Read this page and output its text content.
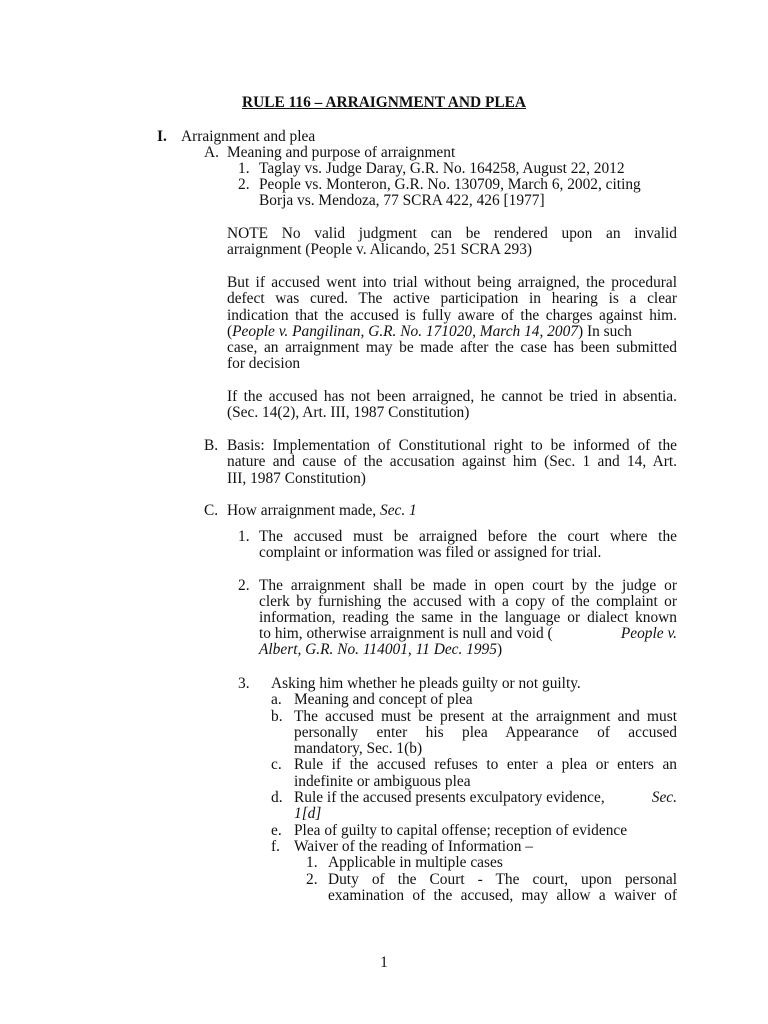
RULE 116 – ARRAIGNMENT AND PLEA
I. Arraignment and plea
A. Meaning and purpose of arraignment
1. Taglay vs. Judge Daray, G.R. No. 164258, August 22, 2012
2. People vs. Monteron, G.R. No. 130709, March 6, 2002, citing
Borja vs. Mendoza, 77 SCRA 422, 426 [1977]
NOTE No valid judgment can be rendered upon an invalid
arraignment (People v. Alicando, 251 SCRA 293)
But if accused went into trial without being arraigned, the procedural
defect was cured. The active participation in hearing is a clear
indication that the accused is fully aware of the charges against him.
(People v. Pangilinan, G.R. No. 171020, March 14, 2007) In such
case, an arraignment may be made after the case has been submitted
for decision
If the accused has not been arraigned, he cannot be tried in absentia.
(Sec. 14(2), Art. III, 1987 Constitution)
B. Basis: Implementation of Constitutional right to be informed of the
nature and cause of the accusation against him (Sec. 1 and 14, Art.
III, 1987 Constitution)
C. How arraignment made, Sec. 1
1. The accused must be arraigned before the court where the
complaint or information was filed or assigned for trial.
2. The arraignment shall be made in open court by the judge or
clerk by furnishing the accused with a copy of the complaint or
information, reading the same in the language or dialect known
to him, otherwise arraignment is null and void (	People v.
Albert, G.R. No. 114001, 11 Dec. 1995)
3. Asking him whether he pleads guilty or not guilty.
a. Meaning and concept of plea
b. The accused must be present at the arraignment and must
personally enter his plea Appearance of accused
mandatory, Sec. 1(b)
c. Rule if the accused refuses to enter a plea or enters an
indefinite or ambiguous plea
d. Rule if the accused presents exculpatory evidence,	Sec.
1[d]
e. Plea of guilty to capital offense; reception of evidence
f. Waiver of the reading of Information –
1. Applicable in multiple cases
2. Duty of the Court - The court, upon personal
examination of the accused, may allow a waiver of
1
